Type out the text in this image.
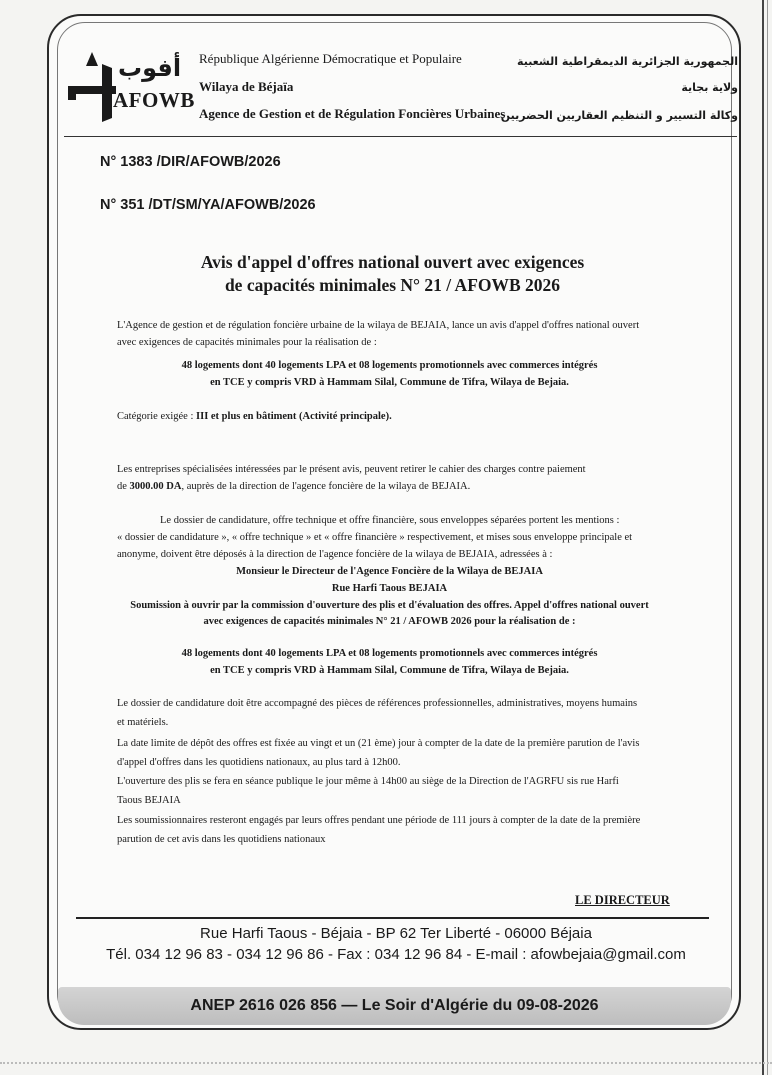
أفوب
AFOWB
République Algérienne Démocratique et Populaire
Wilaya de Béjaïa
Agence de Gestion et de Régulation Foncières Urbaines
الجمهورية الجزائرية الديمقراطية الشعبية
ولاية بجاية
وكالة التسيير و التنظيم العقاريين الحضريين
N° 1383 /DIR/AFOWB/2026
N° 351 /DT/SM/YA/AFOWB/2026
Avis d'appel d'offres national ouvert avec exigences
de capacités minimales N° 21 / AFOWB 2026
L'Agence de gestion et de régulation foncière urbaine de la wilaya de BEJAIA, lance un avis d'appel d'offres national ouvert
avec exigences de capacités minimales pour la réalisation de :
48 logements dont 40 logements LPA et 08 logements promotionnels avec commerces intégrés
en TCE y compris VRD à Hammam Silal, Commune de Tifra, Wilaya de Bejaia.
Catégorie exigée : III et plus en bâtiment (Activité principale).
Les entreprises spécialisées intéressées par le présent avis, peuvent retirer le cahier des charges contre paiement
de 3000.00 DA, auprès de la direction de l'agence foncière de la wilaya de BEJAIA.
Le dossier de candidature, offre technique et offre financière, sous enveloppes séparées portent les mentions :
« dossier de candidature », « offre technique » et « offre financière » respectivement, et mises sous enveloppe principale et
anonyme, doivent être déposés à la direction de l'agence foncière de la wilaya de BEJAIA, adressées à :
Monsieur le Directeur de l'Agence Foncière de la Wilaya de BEJAIA
Rue Harfi Taous BEJAIA
Soumission à ouvrir par la commission d'ouverture des plis et d'évaluation des offres. Appel d'offres national ouvert
avec exigences de capacités minimales N° 21 / AFOWB 2026 pour la réalisation de :
48 logements dont 40 logements LPA et 08 logements promotionnels avec commerces intégrés
en TCE y compris VRD à Hammam Silal, Commune de Tifra, Wilaya de Bejaia.
Le dossier de candidature doit être accompagné des pièces de références professionnelles, administratives, moyens humains
et matériels.
La date limite de dépôt des offres est fixée au vingt et un (21 ème) jour à compter de la date de la première parution de l'avis
d'appel d'offres dans les quotidiens nationaux, au plus tard à 12h00.
L'ouverture des plis se fera en séance publique le jour même à 14h00 au siège de la Direction de l'AGRFU sis rue Harfi
Taous BEJAIA
Les soumissionnaires resteront engagés par leurs offres pendant une période de 111 jours à compter de la date de la première
parution de cet avis dans les quotidiens nationaux
LE DIRECTEUR
Rue Harfi Taous - Béjaia - BP 62 Ter Liberté - 06000 Béjaia
Tél. 034 12 96 83 - 034 12 96 86 - Fax : 034 12 96 84 - E-mail : afowbejaia@gmail.com
ANEP 2616 026 856 — Le Soir d'Algérie du 09-08-2026
